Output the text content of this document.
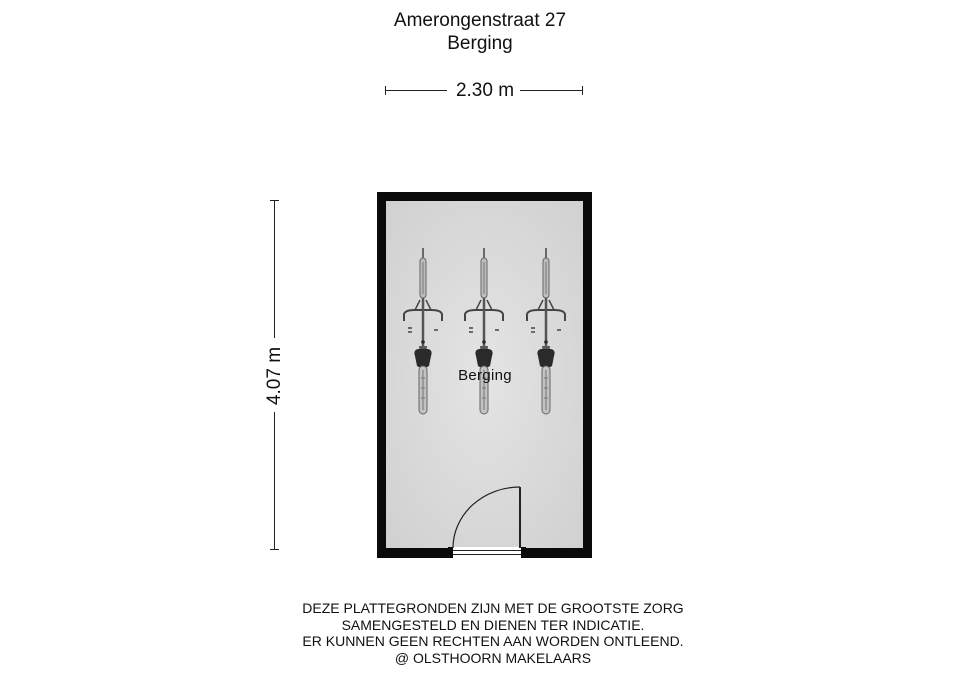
Amerongenstraat 27
Berging
2.30 m
4.07 m	Berging
DEZE PLATTEGRONDEN ZIJN MET DE GROOTSTE ZORG
SAMENGESTELD EN DIENEN TER INDICATIE.
ER KUNNEN GEEN RECHTEN AAN WORDEN ONTLEEND.
@ OLSTHOORN MAKELAARS
